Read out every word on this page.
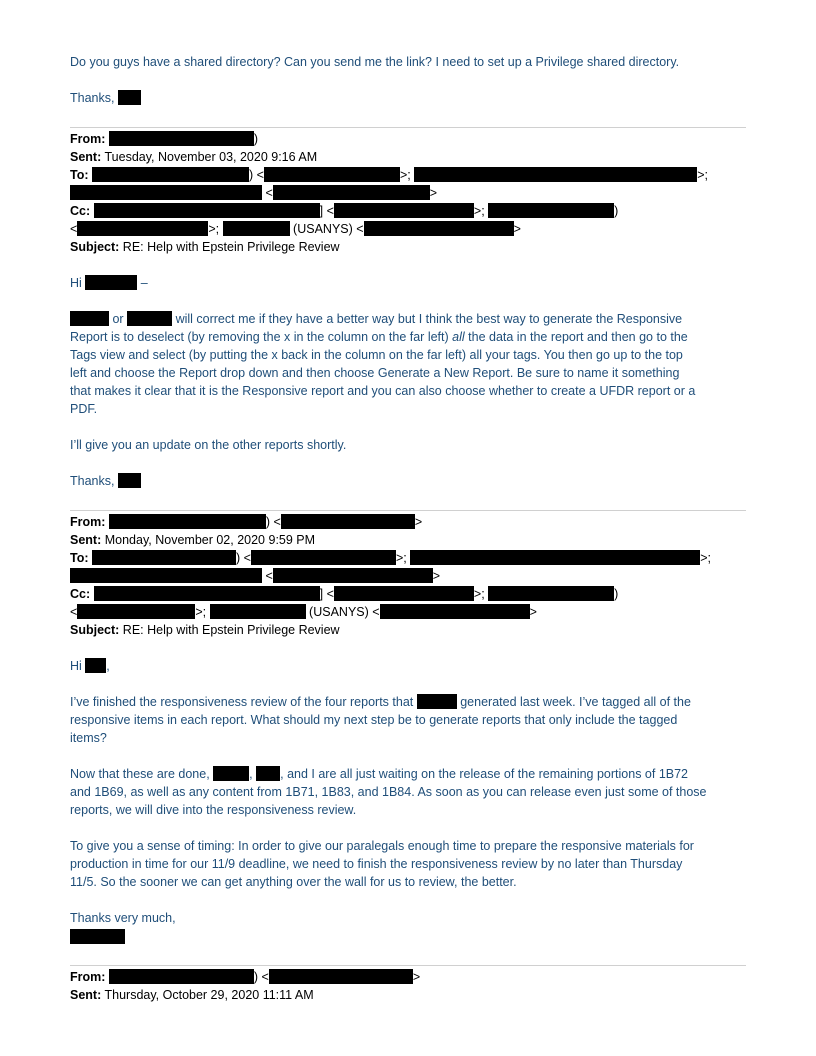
Do you guys have a shared directory? Can you send me the link? I need to set up a Privilege shared directory.
Thanks,
From:	)
Sent: Tuesday, November 03, 2020 9:16 AM
To:	) <	>;	>;
<	>
Cc:	] <	>;	)
<	>;	(USANYS) <	>
Subject: RE: Help with Epstein Privilege Review
Hi	–
or	will correct me if they have a better way but I think the best way to generate the Responsive
Report is to deselect (by removing the x in the column on the far left) all the data in the report and then go to the
Tags view and select (by putting the x back in the column on the far left) all your tags. You then go up to the top
left and choose the Report drop down and then choose Generate a New Report. Be sure to name it something
that makes it clear that it is the Responsive report and you can also choose whether to create a UFDR report or a
PDF.
I’ll give you an update on the other reports shortly.
Thanks,
From:	) <	>
Sent: Monday, November 02, 2020 9:59 PM
To:	) <	>;	>;
<	>
Cc:	] <	>;	)
<	>;	(USANYS) <	>
Subject: RE: Help with Epstein Privilege Review
Hi ,
I’ve finished the responsiveness review of the four reports that	generated last week. I’ve tagged all of the
responsive items in each report. What should my next step be to generate reports that only include the tagged
items?
Now that these are done,	, , and I are all just waiting on the release of the remaining portions of 1B72
and 1B69, as well as any content from 1B71, 1B83, and 1B84. As soon as you can release even just some of those
reports, we will dive into the responsiveness review.
To give you a sense of timing: In order to give our paralegals enough time to prepare the responsive materials for
production in time for our 11/9 deadline, we need to finish the responsiveness review by no later than Thursday
11/5. So the sooner we can get anything over the wall for us to review, the better.
Thanks very much,
From:	) <	>
Sent: Thursday, October 29, 2020 11:11 AM
